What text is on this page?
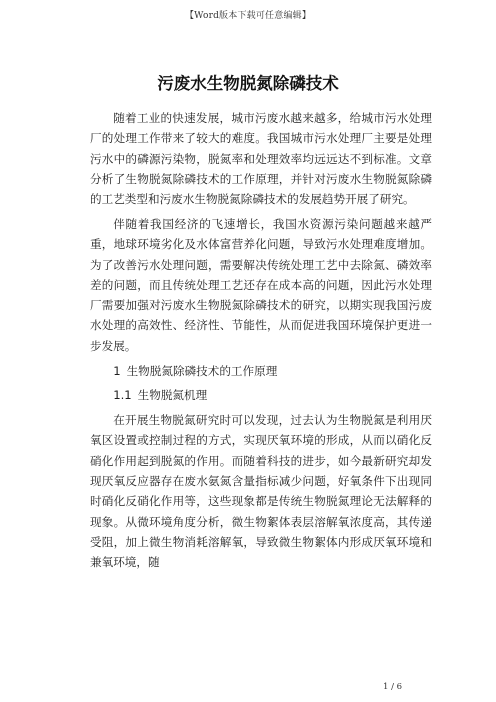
【Word版本下载可任意编辑】
污废水生物脱氮除磷技术

随着工业的快速发展，城市污废水越来越多，给城市污水处理厂的处理工作带来了较大的难度。我国城市污水处理厂主要是处理污水中的磷源污染物，脱氮率和处理效率均远远达不到标准。文章分析了生物脱氮除磷技术的工作原理，并针对污废水生物脱氮除磷的工艺类型和污废水生物脱氮除磷技术的发展趋势开展了研究。

伴随着我国经济的飞速增长，我国水资源污染问题越来越严重，地球环境劣化及水体富营养化问题，导致污水处理难度增加。为了改善污水处理问题，需要解决传统处理工艺中去除氮、磷效率差的问题，而且传统处理工艺还存在成本高的问题，因此污水处理厂需要加强对污废水生物脱氮除磷技术的研究，以期实现我国污废水处理的高效性、经济性、节能性，从而促进我国环境保护更进一步发展。

1 生物脱氮除磷技术的工作原理

1.1 生物脱氮机理

在开展生物脱氮研究时可以发现，过去认为生物脱氮是利用厌氧区设置或控制过程的方式，实现厌氧环境的形成，从而以硝化反硝化作用起到脱氮的作用。而随着科技的进步，如今最新研究却发现厌氧反应器存在废水氨氮含量指标减少问题，好氧条件下出现同时硝化反硝化作用等，这些现象都是传统生物脱氮理论无法解释的现象。从微环境角度分析，微生物絮体表层溶解氧浓度高，其传递受阻，加上微生物消耗溶解氧，导致微生物絮体内形成厌氧环境和兼氧环境，随

1 / 6
